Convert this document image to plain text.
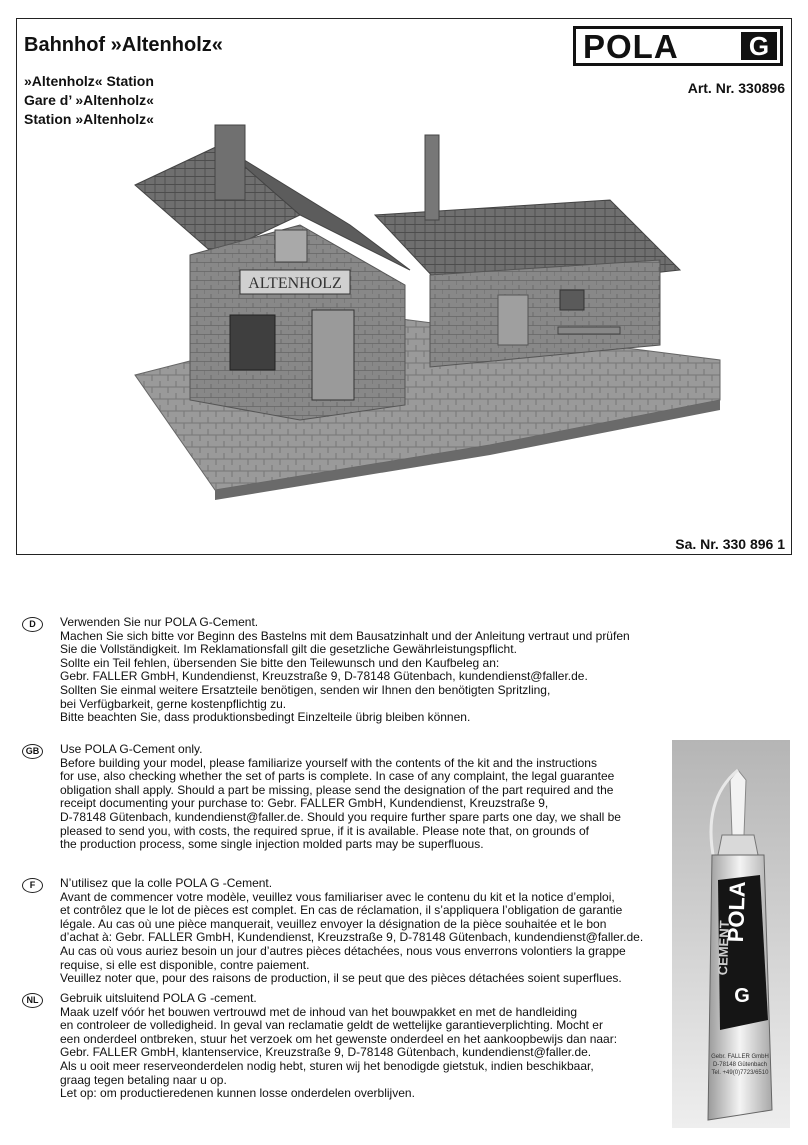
Bahnhof »Altenholz«
»Altenholz« Station
Gare d’ »Altenholz«
Station »Altenholz«
POLA	G
Art. Nr. 330896
ALTENHOLZ
Sa. Nr. 330 896 1
D	Verwenden Sie nur POLA G-Cement.
Machen Sie sich bitte vor Beginn des Bastelns mit dem Bausatzinhalt und der Anleitung vertraut und prüfen
Sie die Vollständigkeit. Im Reklamationsfall gilt die gesetzliche Gewährleistungspflicht.
Sollte ein Teil fehlen, übersenden Sie bitte den Teilewunsch und den Kaufbeleg an:
Gebr. FALLER GmbH, Kundendienst, Kreuzstraße 9, D-78148 Gütenbach, kundendienst@faller.de.
Sollten Sie einmal weitere Ersatzteile benötigen, senden wir Ihnen den benötigten Spritzling,
bei Verfügbarkeit, gerne kostenpflichtig zu.
Bitte beachten Sie, dass produktionsbedingt Einzelteile übrig bleiben können.
GB	Use POLA G-Cement only.
Before building your model, please familiarize yourself with the contents of the kit and the instructions
for use, also checking whether the set of parts is complete. In case of any complaint, the legal guarantee
obligation shall apply. Should a part be missing, please send the designation of the part required and the
receipt documenting your purchase to: Gebr. FALLER GmbH, Kundendienst, Kreuzstraße 9,
D-78148 Gütenbach, kundendienst@faller.de. Should you require further spare parts one day, we shall be
pleased to send you, with costs, the required sprue, if it is available. Please note that, on grounds of
the production process, some single injection molded parts may be superfluous.
F	N’utilisez que la colle POLA G -Cement.
Avant de commencer votre modèle, veuillez vous familiariser avec le contenu du kit et la notice d’emploi,
et contrôlez que le lot de pièces est complet. En cas de réclamation, il s’appliquera l’obligation de garantie
légale. Au cas où une pièce manquerait, veuillez envoyer la désignation de la pièce souhaitée et le bon
d’achat à: Gebr. FALLER GmbH, Kundendienst, Kreuzstraße 9, D-78148 Gütenbach, kundendienst@faller.de.
Au cas où vous auriez besoin un jour d’autres pièces détachées, nous vous enverrons volontiers la grappe
requise, si elle est disponible, contre paiement.
Veuillez noter que, pour des raisons de production, il se peut que des pièces détachées soient superflues.
NL	Gebruik uitsluitend POLA G -cement.
Maak uzelf vóór het bouwen vertrouwd met de inhoud van het bouwpakket en met de handleiding
en controleer de volledigheid. In geval van reclamatie geldt de wettelijke garantieverplichting. Mocht er
een onderdeel ontbreken, stuur het verzoek om het gewenste onderdeel en het aankoopbewijs dan naar:
Gebr. FALLER GmbH, klantenservice, Kreuzstraße 9, D-78148 Gütenbach, kundendienst@faller.de.
Als u ooit meer reserveonderdelen nodig hebt, sturen wij het benodigde gietstuk, indien beschikbaar,
graag tegen betaling naar u op.
Let op: om productieredenen kunnen losse onderdelen overblijven.
POLA
G
CEMENT
Gebr. FALLER GmbH
D-78148 Gütenbach
Tel. +49(0)7723/6510
